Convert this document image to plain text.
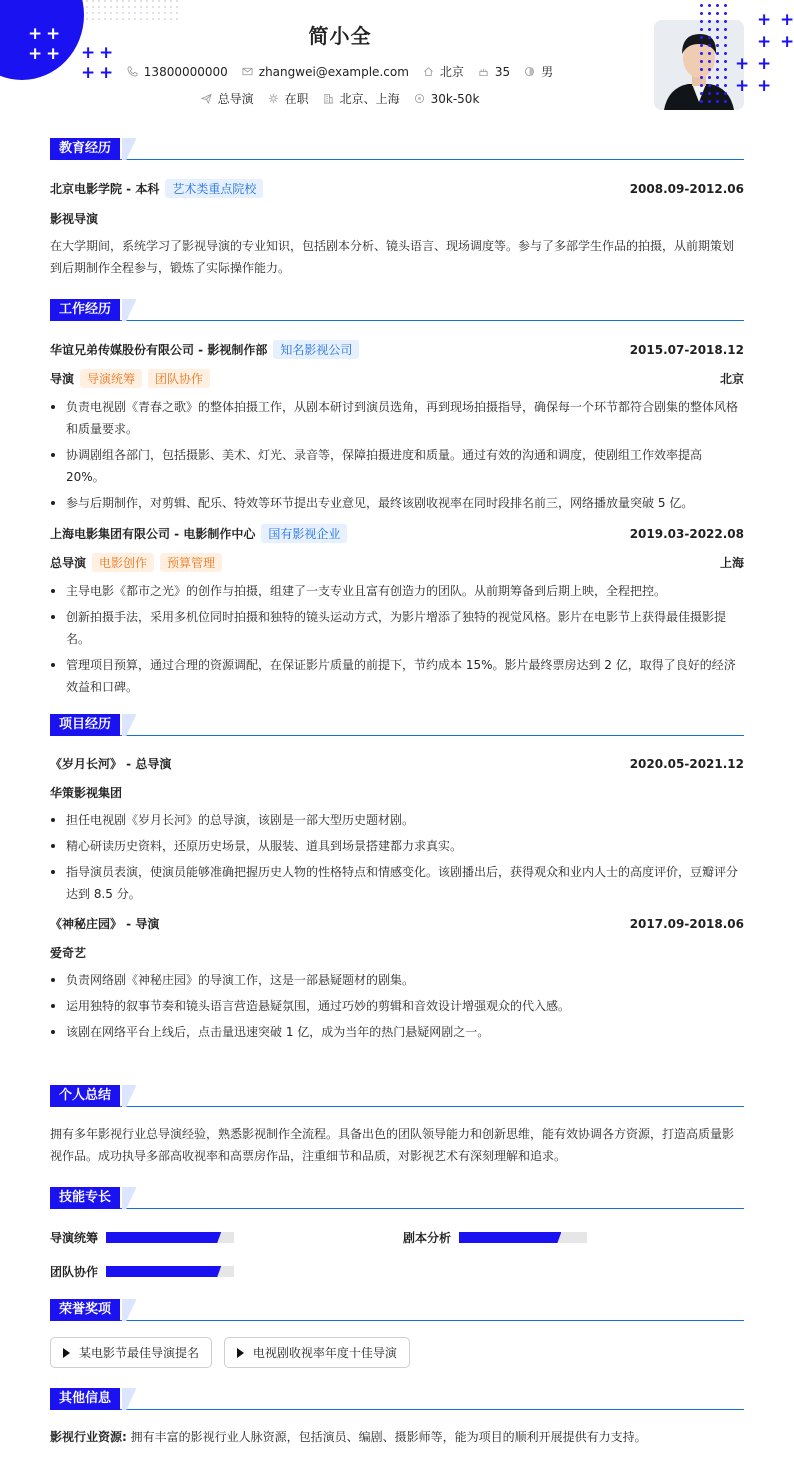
+ +
+ + + +
+ +
+ +
+ +
+ +
+ +
简小全
13800000000	zhangwei@example.com	北京	35	男
总导演	在职	北京、上海	30k-50k
教育经历
北京电影学院 - 本科 艺术类重点院校	2008.09-2012.06
影视导演

在大学期间，系统学习了影视导演的专业知识，包括剧本分析、镜头语言、现场调度等。参与了多部学生作品的拍摄，从前期策划到后期制作全程参与，锻炼了实际操作能力。

工作经历
华谊兄弟传媒股份有限公司 - 影视制作部 知名影视公司	2015.07-2018.12
导演 导演统筹 团队协作	北京
负责电视剧《青春之歌》的整体拍摄工作，从剧本研讨到演员选角，再到现场拍摄指导，确保每一个环节都符合剧集的整体风格和质量要求。
协调剧组各部门，包括摄影、美术、灯光、录音等，保障拍摄进度和质量。通过有效的沟通和调度，使剧组工作效率提高 20%。
参与后期制作，对剪辑、配乐、特效等环节提出专业意见，最终该剧收视率在同时段排名前三，网络播放量突破 5 亿。
上海电影集团有限公司 - 电影制作中心 国有影视企业	2019.03-2022.08
总导演 电影创作 预算管理	上海
主导电影《都市之光》的创作与拍摄，组建了一支专业且富有创造力的团队。从前期筹备到后期上映，全程把控。
创新拍摄手法，采用多机位同时拍摄和独特的镜头运动方式，为影片增添了独特的视觉风格。影片在电影节上获得最佳摄影提名。
管理项目预算，通过合理的资源调配，在保证影片质量的前提下，节约成本 15%。影片最终票房达到 2 亿，取得了良好的经济效益和口碑。
项目经历
《岁月长河》 - 总导演	2020.05-2021.12
华策影视集团
担任电视剧《岁月长河》的总导演，该剧是一部大型历史题材剧。
精心研读历史资料，还原历史场景，从服装、道具到场景搭建都力求真实。
指导演员表演，使演员能够准确把握历史人物的性格特点和情感变化。该剧播出后，获得观众和业内人士的高度评价，豆瓣评分达到 8.5 分。
《神秘庄园》 - 导演	2017.09-2018.06
爱奇艺
负责网络剧《神秘庄园》的导演工作，这是一部悬疑题材的剧集。
运用独特的叙事节奏和镜头语言营造悬疑氛围，通过巧妙的剪辑和音效设计增强观众的代入感。
该剧在网络平台上线后，点击量迅速突破 1 亿，成为当年的热门悬疑网剧之一。
个人总结

拥有多年影视行业总导演经验，熟悉影视制作全流程。具备出色的团队领导能力和创新思维，能有效协调各方资源，打造高质量影视作品。成功执导多部高收视率和高票房作品，注重细节和品质，对影视艺术有深刻理解和追求。

技能专长
导演统筹	剧本分析
团队协作
荣誉奖项
某电影节最佳导演提名
	电视剧收视率年度十佳导演
其他信息

影视行业资源: 拥有丰富的影视行业人脉资源，包括演员、编剧、摄影师等，能为项目的顺利开展提供有力支持。
